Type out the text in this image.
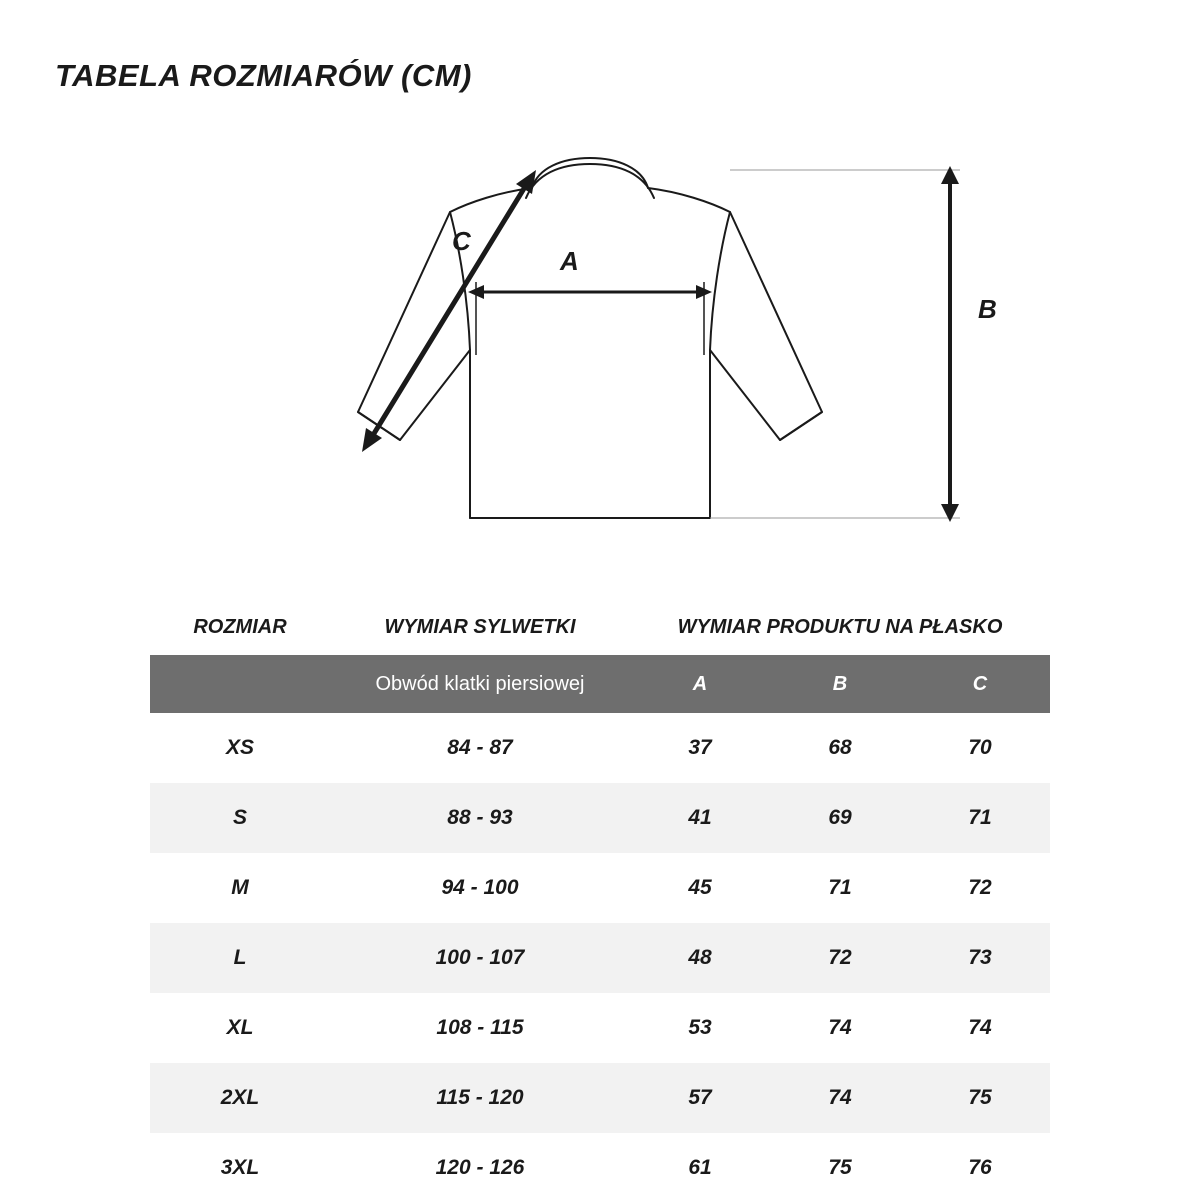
TABELA ROZMIARÓW (CM)
A
B
C
ROZMIAR	WYMIAR SYLWETKI	WYMIAR PRODUKTU NA PŁASKO		
	Obwód klatki piersiowej	A	B	C
XS	84 - 87	37	68	70
S	88 - 93	41	69	71
M	94 - 100	45	71	72
L	100 - 107	48	72	73
XL	108 - 115	53	74	74
2XL	115 - 120	57	74	75
3XL	120 - 126	61	75	76
